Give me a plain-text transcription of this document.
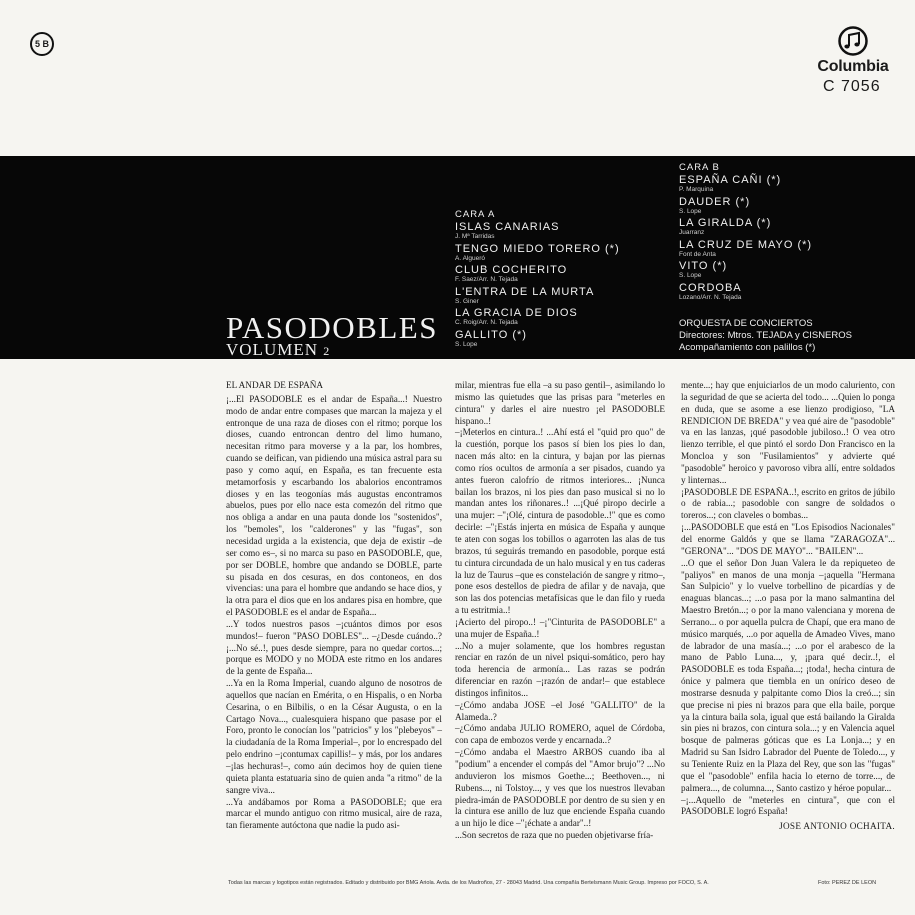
5 B
Columbia
C 7056
PASODOBLES
VOLUMEN 2
CARA A
ISLAS CANARIAS
J. Mª Tarridas
TENGO MIEDO TORERO (*)
A. Algueró
CLUB COCHERITO
F. Saez/Arr. N. Tejada
L'ENTRA DE LA MURTA
S. Giner
LA GRACIA DE DIOS
C. Roig/Arr. N. Tejada
GALLITO (*)
S. Lope
CARA B
ESPAÑA CAÑI (*)
P. Marquina
DAUDER (*)
S. Lope
LA GIRALDA (*)
Juarranz
LA CRUZ DE MAYO (*)
Font de Anta
VITO (*)
S. Lope
CORDOBA
Lozano/Arr. N. Tejada
ORQUESTA DE CONCIERTOS
Directores: Mtros. TEJADA y CISNEROS
Acompañamiento con palillos (*)

EL ANDAR DE ESPAÑA

¡...El PASODOBLE es el andar de España...! Nuestro modo de andar entre compases que marcan la majeza y el entronque de una raza de dioses con el ritmo; porque los dioses, cuando entroncan dentro del limo humano, necesitan ritmo para moverse y a la par, los hombres, cuando se deifican, van pidiendo una música astral para su paso y como aquí, en España, es tan frecuente esta metamorfosis y escarbando los abalorios encontramos dioses y en las teogonías más augustas encontramos abuelos, pues por ello nace esta comezón del ritmo que nos obliga a andar en una pauta donde los "sostenidos", los "bemoles", los "calderones" y las "fugas", son necesidad urgida a la existencia, que deja de existir –de ser como es–, si no marca su paso en PASODOBLE, que, por ser DOBLE, hombre que andando se DOBLE, parte su pisada en dos cesuras, en dos contoneos, en dos vivencias: una para el hombre que andando se hace dios, y la otra para el dios que en los andares pisa en hombre, que el PASODOBLE es el andar de España...

...Y todos nuestros pasos –¡cuántos dimos por esos mundos!– fueron "PASO DOBLES"... –¿Desde cuándo..? ¡...No sé..!, pues desde siempre, para no quedar cortos...; porque es MODO y no MODA este ritmo en los andares de la gente de España...

...Ya en la Roma Imperial, cuando alguno de nosotros de aquellos que nacían en Emérita, o en Hispalis, o en Norba Cesarina, o en Bilbilis, o en la César Augusta, o en la Cartago Nova..., cualesquiera hispano que pasase por el Foro, pronto le conocían los "patricios" y los "plebeyos" –la ciudadanía de la Roma Imperial–, por lo encrespado del pelo endrino –¡contumax capillis!– y más, por los andares –¡las hechuras!–, como aún decimos hoy de quien tiene quieta planta estatuaria sino de quien anda "a ritmo" de la sangre viva...

...Ya andábamos por Roma a PASODOBLE; que era marcar el mundo antiguo con ritmo musical, aire de raza, tan fieramente autóctona que nadie la pudo asi-

milar, mientras fue ella –a su paso gentil–, asimilando lo mismo las quietudes que las prisas para "meterles en cintura" y darles el aire nuestro ¡el PASODOBLE hispano..!

–¡Meterlos en cintura..! ...Ahí está el "quid pro quo" de la cuestión, porque los pasos sí bien los pies lo dan, nacen más alto: en la cintura, y bajan por las piernas como ríos ocultos de armonía a ser pisados, cuando ya antes fueron calofrío de ritmos interiores... ¡Nunca bailan los brazos, ni los pies dan paso musical si no lo mandan antes los riñonares..! ...¡Qué piropo decirle a una mujer: –"¡Olé, cintura de pasodoble..!" que es como decirle: –"¡Estás injerta en música de España y aunque te aten con sogas los tobillos o agarroten las alas de tus brazos, tú seguirás tremando en pasodoble, porque está tu cintura circundada de un halo musical y en tus caderas la luz de Taurus –que es constelación de sangre y ritmo–, pone esos destellos de piedra de afilar y de navaja, que son las dos potencias metafísicas que le dan filo y rueda a tu estritmia..!

¡Acierto del piropo..! –¡"Cinturita de PASODOBLE" a una mujer de España..!

...No a mujer solamente, que los hombres regustan renciar en razón de un nivel psiqui-somático, pero hay toda herencia de armonía... Las razas se podrán diferenciar en razón –¡razón de andar!– que establece distingos infinitos...

–¿Cómo andaba JOSE –el José "GALLITO" de la Alameda..?

–¿Cómo andaba JULIO ROMERO, aquel de Córdoba, con capa de embozos verde y encarnada..?

–¿Cómo andaba el Maestro ARBOS cuando iba al "podium" a encender el compás del "Amor brujo"? ...No anduvieron los mismos Goethe...; Beethoven..., ni Rubens..., ni Tolstoy..., y ves que los nuestros llevaban piedra-imán de PASODOBLE por dentro de su sien y en la cintura ese anillo de luz que enciende España cuando a un hijo le dice –"¡échate a andar"..!

...Son secretos de raza que no pueden objetivarse fría-

mente...; hay que enjuiciarlos de un modo caluriento, con la seguridad de que se acierta del todo... ...Quien lo ponga en duda, que se asome a ese lienzo prodigioso, "LA RENDICION DE BREDA" y vea qué aire de "pasodoble" va en las lanzas, ¡qué pasodoble jubiloso..! O vea otro lienzo terrible, el que pintó el sordo Don Francisco en la Moncloa y son "Fusilamientos" y advierte qué "pasodoble" heroico y pavoroso vibra allí, entre soldados y linternas...

¡PASODOBLE DE ESPAÑA..!, escrito en gritos de júbilo o de rabia...; pasodoble con sangre de soldados o toreros...; con claveles o bombas...

¡...PASODOBLE que está en "Los Episodios Nacionales" del enorme Galdós y que se llama "ZARAGOZA"... "GERONA"... "DOS DE MAYO"... "BAILEN"...

...O que el señor Don Juan Valera le da repiqueteo de "paliyos" en manos de una monja –¡aquella "Hermana San Sulpicio" y lo vuelve torbellino de picardías y de enaguas blancas...; ...o pasa por la mano salmantina del Maestro Bretón...; o por la mano valenciana y morena de Serrano... o por aquella pulcra de Chapí, que era mano de músico marqués, ...o por aquella de Amadeo Vives, mano de labrador de una masía...; ...o por el arabesco de la mano de Pablo Luna..., y, ¡para qué decir..!, el PASODOBLE es toda España...; ¡toda!, hecha cintura de ónice y palmera que tiembla en un onírico deseo de mostrarse desnuda y palpitante como Dios la creó...; sin que precise ni pies ni brazos para que ella baile, porque ya la cintura baila sola, igual que está bailando la Giralda sin pies ni brazos, con cintura sola...; y en Valencia aquel bosque de palmeras góticas que es La Lonja...; y en Madrid su San Isidro Labrador del Puente de Toledo..., y su Teniente Ruiz en la Plaza del Rey, que son las "fugas" que el "pasodoble" enfila hacia lo eterno de torre..., de palmera..., de columna..., Santo castizo y héroe popular...

–¡...Aquello de "meterles en cintura", que con el PASODOBLE logró España!

JOSE ANTONIO OCHAITA.

Todas las marcas y logotipos están registrados. Editado y distribuido por BMG Ariola. Avda. de los Madroños, 27 - 28043 Madrid. Una compañía Bertelsmann Music Group. Impreso por FOCO, S. A.	Foto: PEREZ DE LEON
